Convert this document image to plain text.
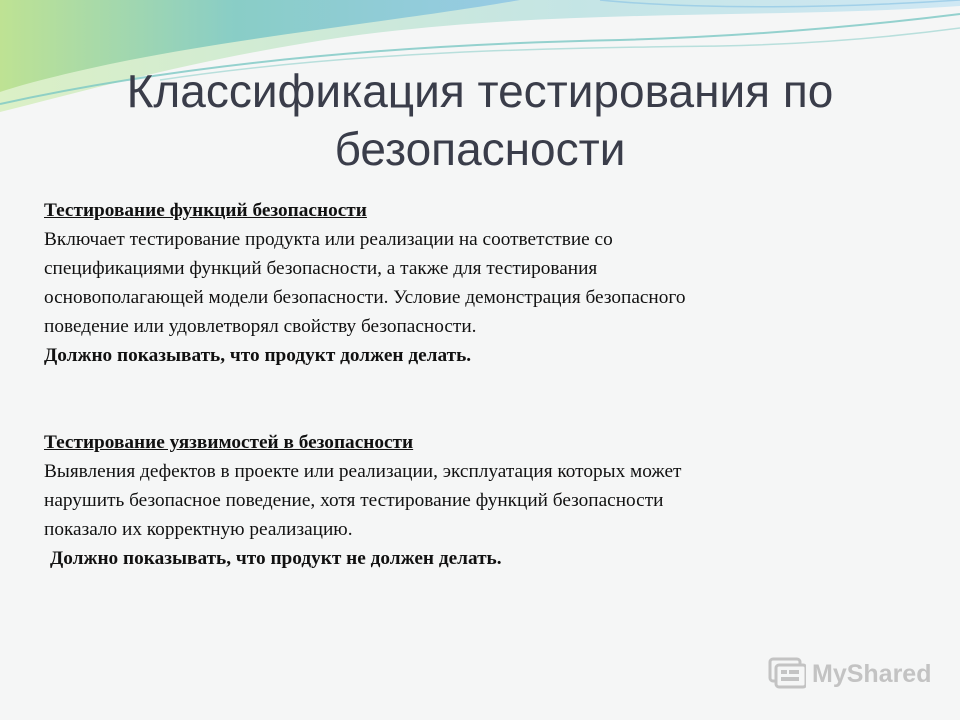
Классификация тестирования по
безопасности
Тестирование функций безопасности
Включает тестирование продукта или реализации на соответствие со
спецификациями функций безопасности, а также для тестирования
основополагающей модели безопасности. Условие демонстрация безопасного
поведение или удовлетворял свойству безопасности.
Должно показывать, что продукт должен делать.
Тестирование уязвимостей в безопасности
Выявления дефектов в проекте или реализации, эксплуатация которых может
нарушить безопасное поведение, хотя тестирование функций безопасности
показало их корректную реализацию.
Должно показывать, что продукт не должен делать.
MyShared
